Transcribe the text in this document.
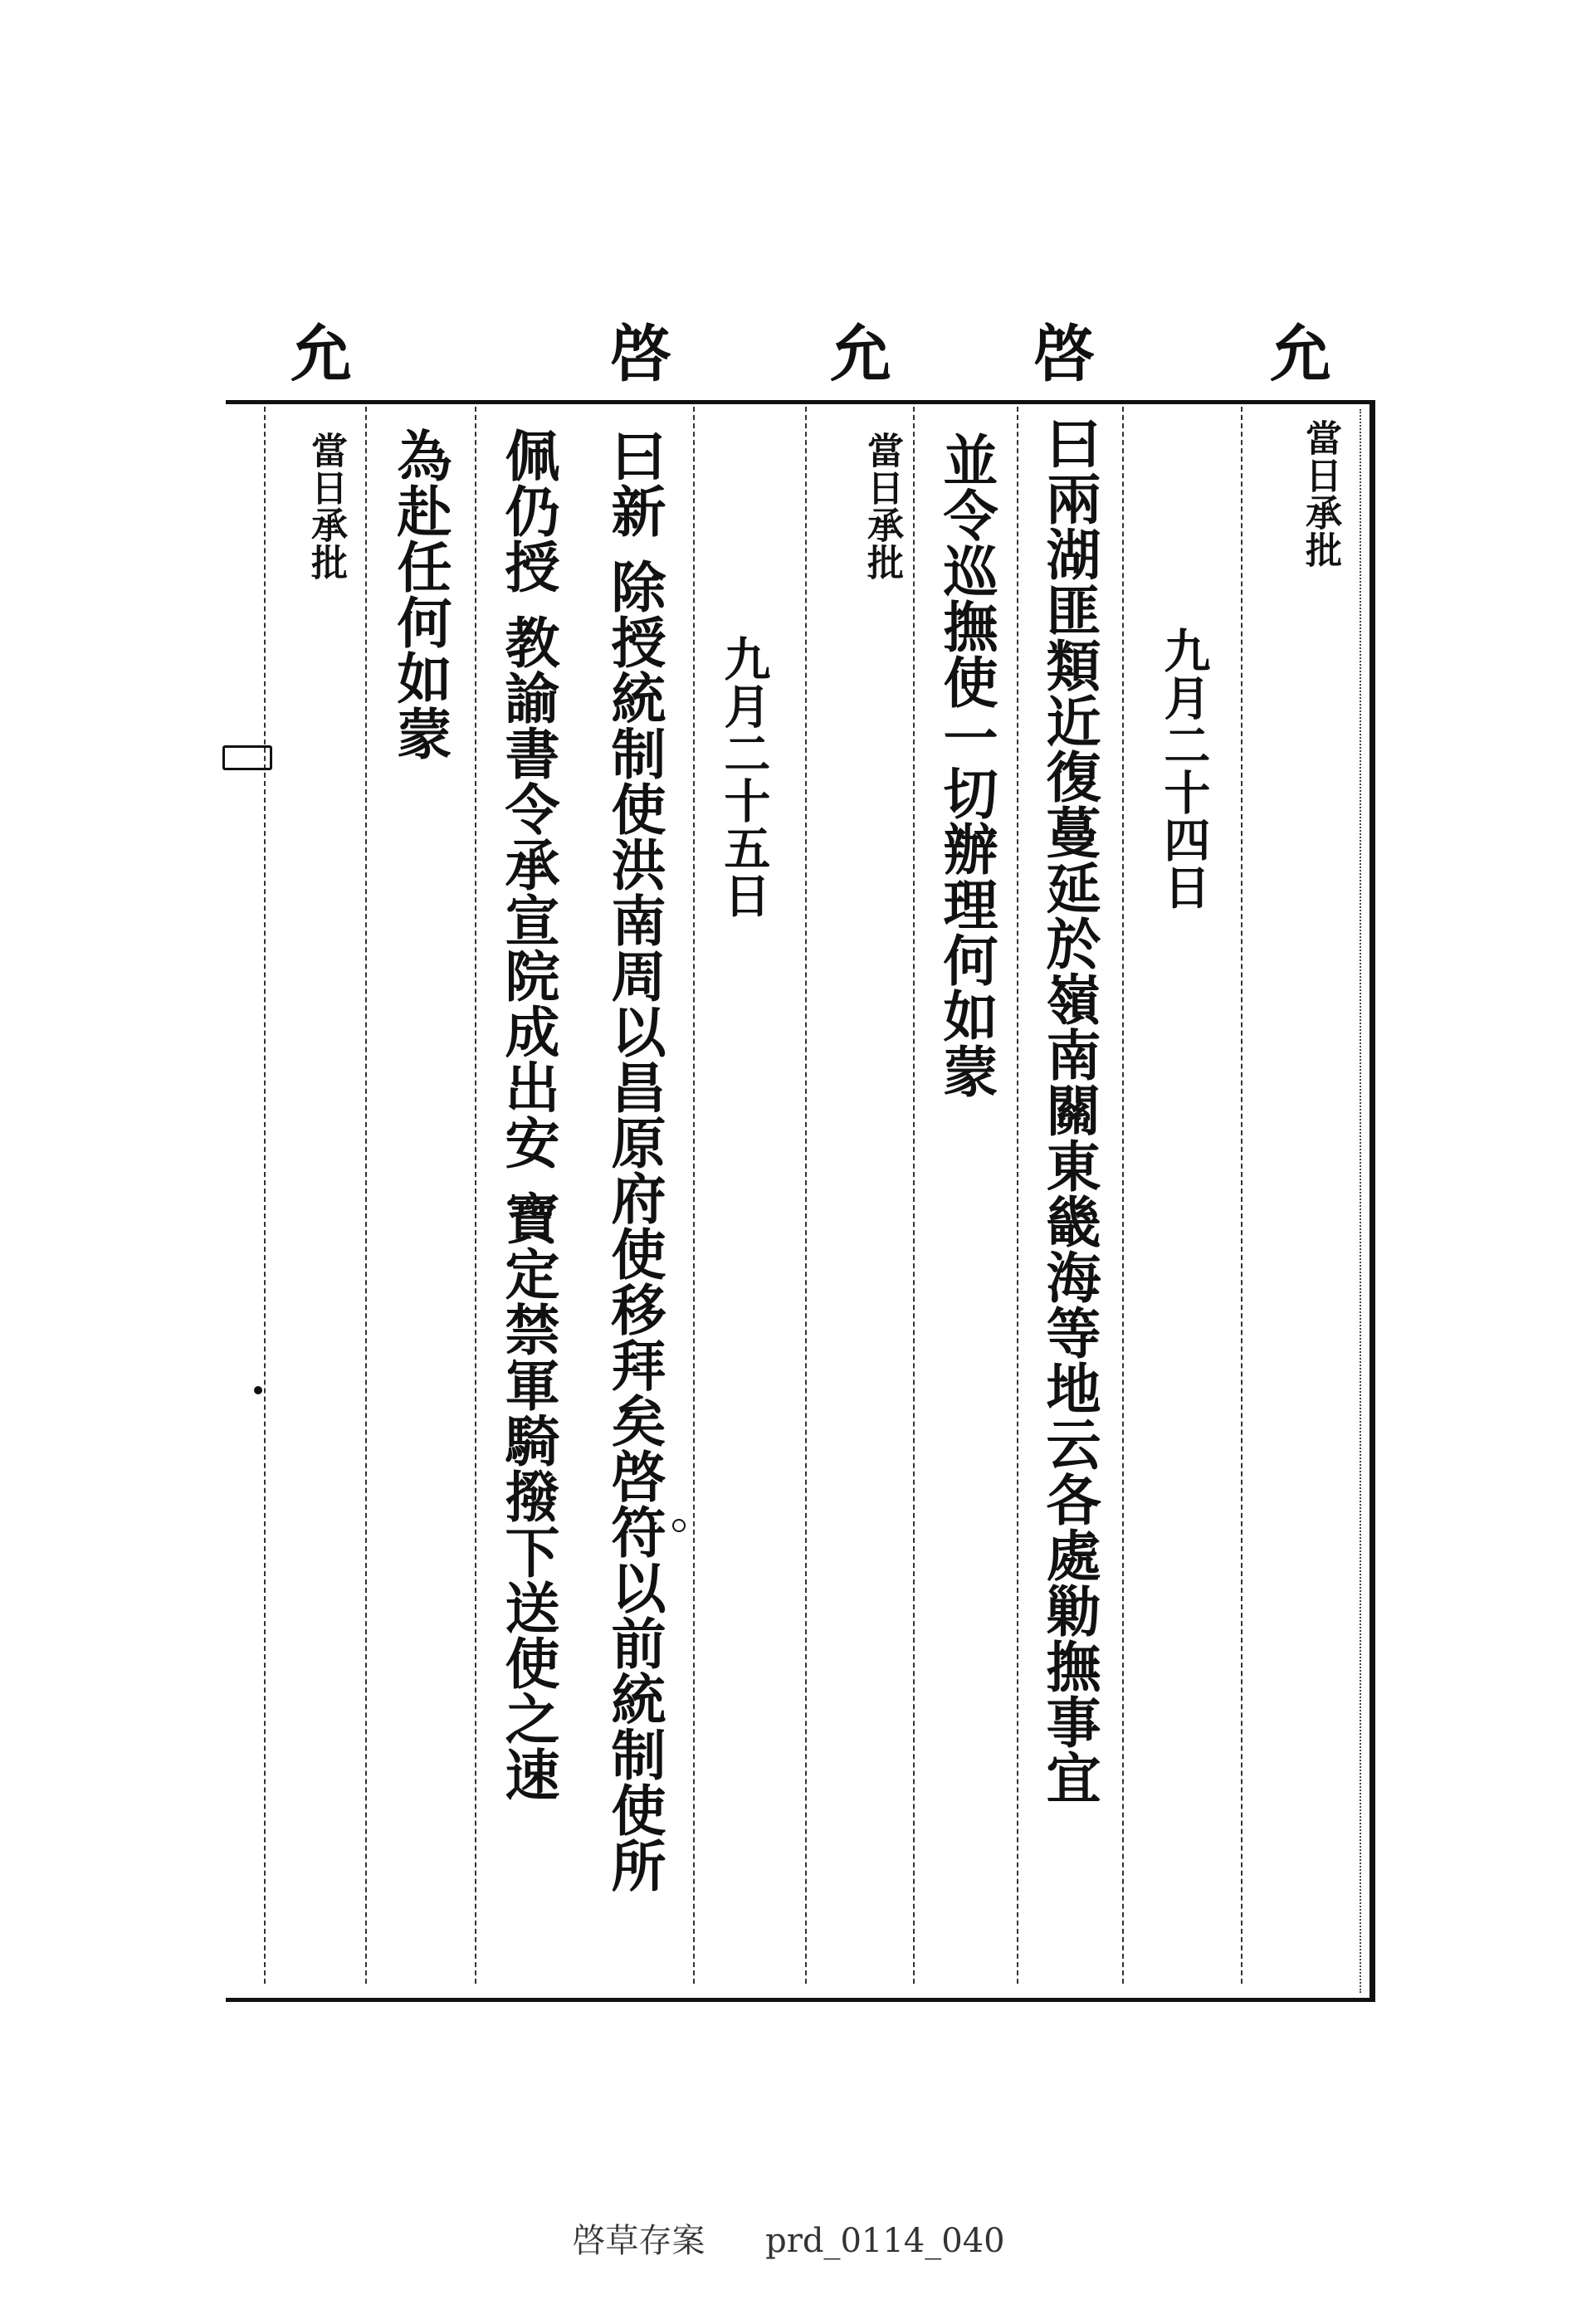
允
啓
允
啓
允
當日承批
九月二十四日
曰兩湖匪類近復蔓延於嶺南關東畿海等地云各處勦撫事宜
並令巡撫使一切辦理何如蒙
當日承批
九月二十五日
曰新 除授統制使洪南周以昌原府使移拜矣啓符以前統制使所
佩仍授 教諭書令承宣院成出安 寶定禁軍騎撥下送使之速
為赴任何如蒙
當日承批
啓草存案 prd_0114_040
